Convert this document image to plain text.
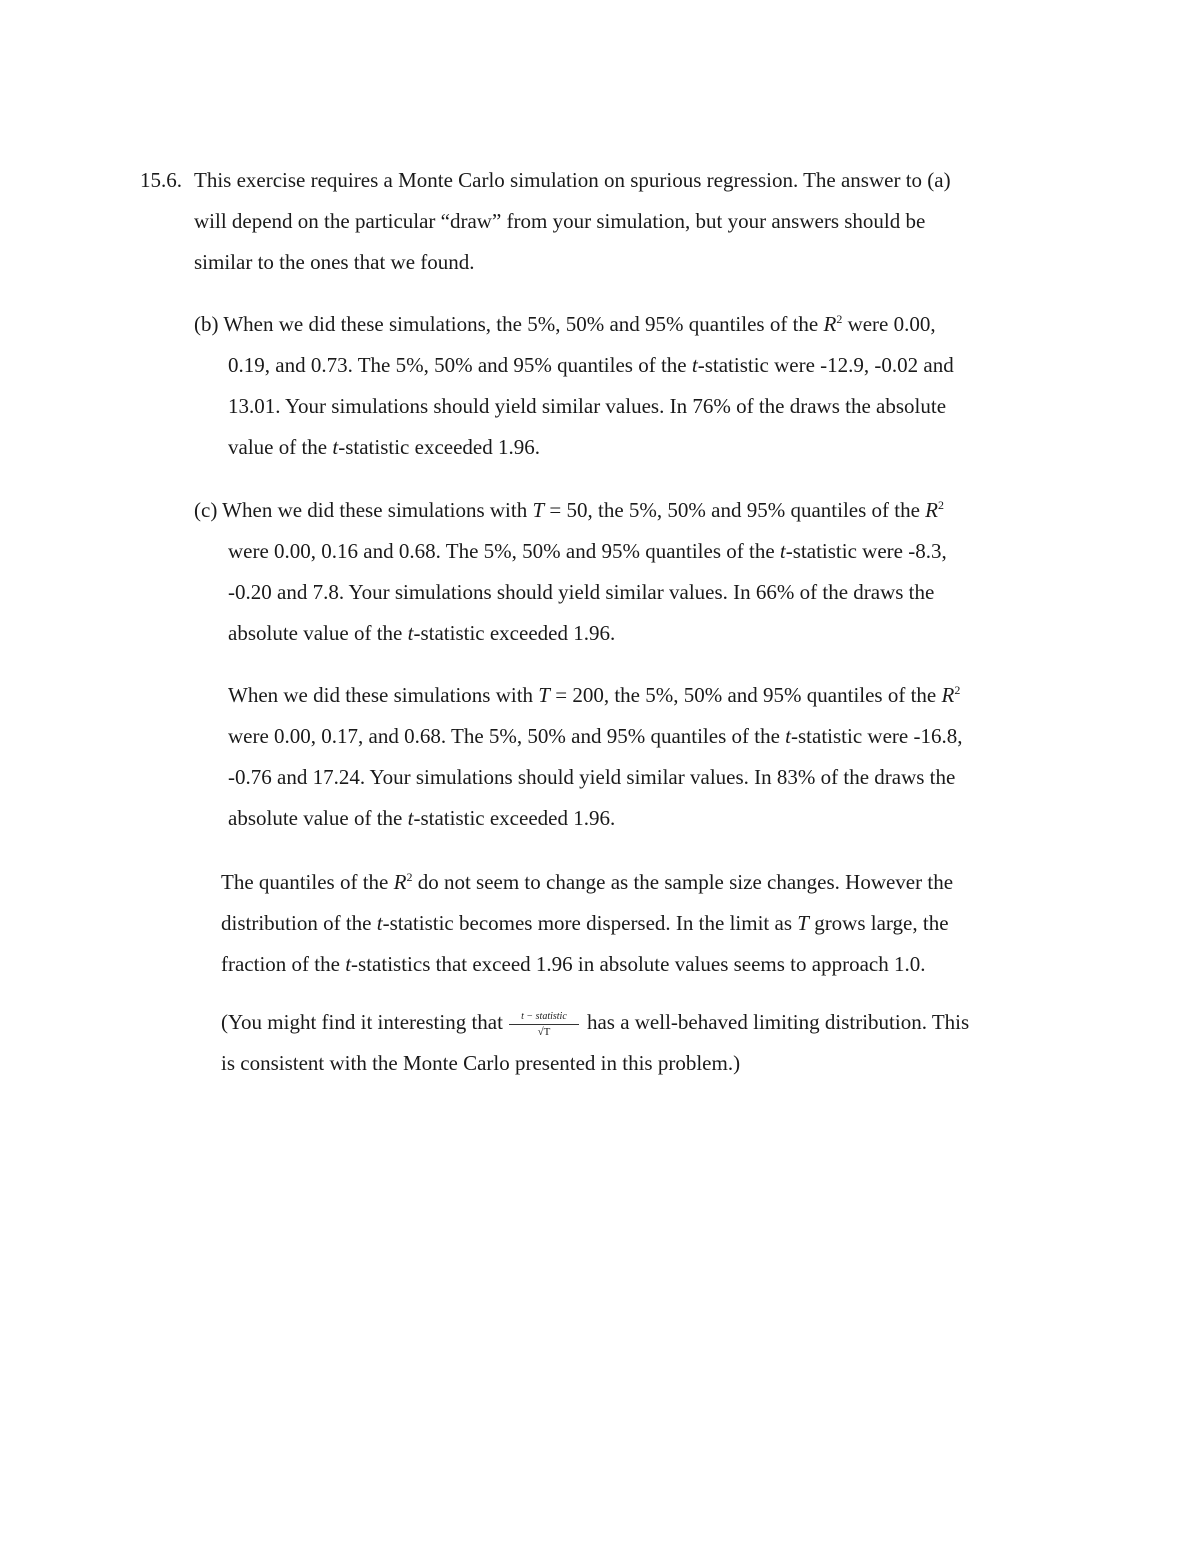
15.6. This exercise requires a Monte Carlo simulation on spurious regression. The answer to (a)
will depend on the particular “draw” from your simulation, but your answers should be
similar to the ones that we found.
(b) When we did these simulations, the 5%, 50% and 95% quantiles of the $R^2$ were 0.00,
0.19, and 0.73. The 5%, 50% and 95% quantiles of the t-statistic were -12.9, -0.02 and
13.01. Your simulations should yield similar values. In 76% of the draws the absolute
value of the t-statistic exceeded 1.96.
(c) When we did these simulations with T = 50, the 5%, 50% and 95% quantiles of the $R^2$
were 0.00, 0.16 and 0.68. The 5%, 50% and 95% quantiles of the t-statistic were -8.3,
-0.20 and 7.8. Your simulations should yield similar values. In 66% of the draws the
absolute value of the t-statistic exceeded 1.96.
When we did these simulations with T = 200, the 5%, 50% and 95% quantiles of the $R^2$
were 0.00, 0.17, and 0.68. The 5%, 50% and 95% quantiles of the t-statistic were -16.8,
-0.76 and 17.24. Your simulations should yield similar values. In 83% of the draws the
absolute value of the t-statistic exceeded 1.96.
The quantiles of the $R^2$ do not seem to change as the sample size changes. However the
distribution of the t-statistic becomes more dispersed. In the limit as T grows large, the
fraction of the t-statistics that exceed 1.96 in absolute values seems to approach 1.0.
(You might find it interesting that $\frac{\text{t − statistic}}{√T}$ has a well-behaved limiting distribution. This
is consistent with the Monte Carlo presented in this problem.)
